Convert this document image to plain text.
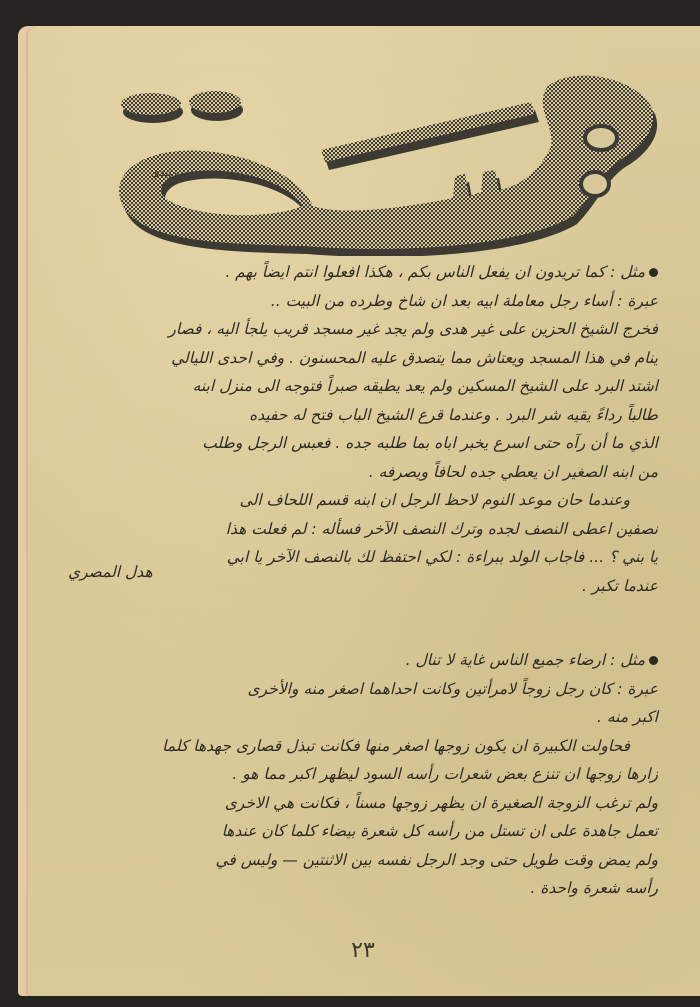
رنيدي
مثل : كما تريدون ان يفعل الناس بكم ، هكذا افعلوا انتم ايضاً بهم .
عبرة : أساء رجل معاملة ابيه بعد ان شاخ وطرده من البيت ..
فخرج الشيخ الحزين على غير هدى ولم يجد غير مسجد قريب يلجأ اليه ، فصار
ينام في هذا المسجد ويعتاش مما يتصدق عليه المحسنون . وفي احدى الليالي
اشتد البرد على الشيخ المسكين ولم يعد يطيقه صبراً فتوجه الى منزل ابنه
طالباً رداءً يقيه شر البرد . وعندما قرع الشيخ الباب فتح له حفيده
الذي ما أن رآه حتى اسرع يخبر اباه بما طلبه جده . فعبس الرجل وطلب
من ابنه الصغير ان يعطي جده لحافاً ويصرفه .
وعندما حان موعد النوم لاحظ الرجل ان ابنه قسم اللحاف الى
نصفين اعطى النصف لجده وترك النصف الآخر فسأله : لم فعلت هذا
يا بني ؟ ... فاجاب الولد ببراءة : لكي احتفظ لك بالنصف الآخر يا ابي
عندما تكبر .
هدل المصري
مثل : ارضاء جميع الناس غاية لا تنال .
عبرة : كان رجل زوجاً لامرأتين وكانت احداهما اصغر منه والأخرى
اكبر منه .
فحاولت الكبيرة ان يكون زوجها اصغر منها فكانت تبذل قصارى جهدها كلما
زارها زوجها ان تنزع بعض شعرات رأسه السود ليظهر اكبر مما هو .
ولم ترغب الزوجة الصغيرة ان يظهر زوجها مسناً ، فكانت هي الاخرى
تعمل جاهدة على ان تستل من رأسه كل شعرة بيضاء كلما كان عندها
ولم يمض وقت طويل حتى وجد الرجل نفسه بين الاثنتين — وليس في
رأسه شعرة واحدة .
٢٣
